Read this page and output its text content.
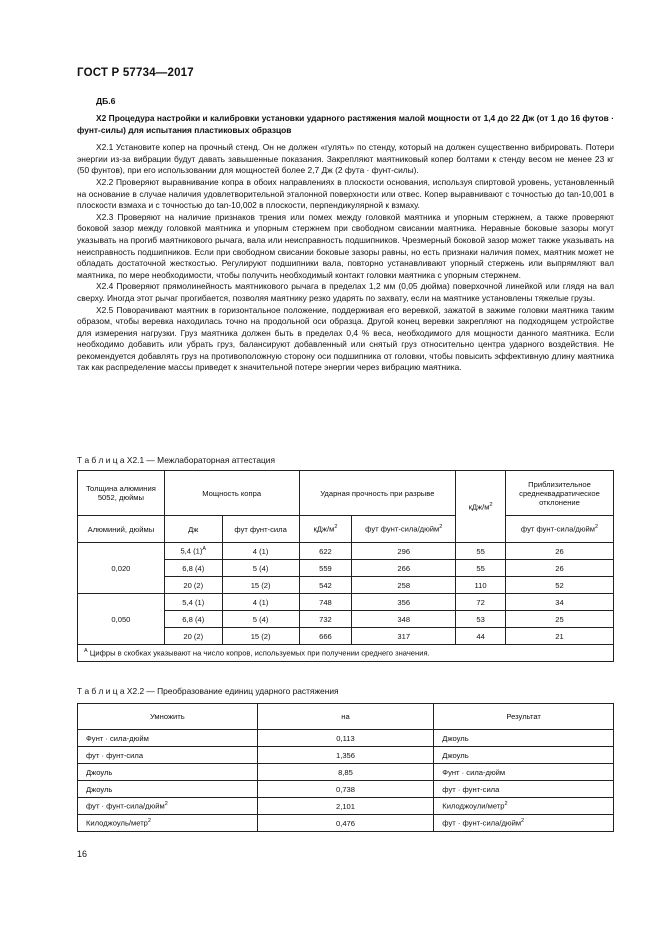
ГОСТ Р 57734—2017
ДБ.6

Х2 Процедура настройки и калибровки установки ударного растяжения малой мощности от 1,4 до 22 Дж (от 1 до 16 футов · фунт-силы) для испытания пластиковых образцов

Х2.1 Установите копер на прочный стенд. Он не должен «гулять» по стенду, который на должен существенно вибрировать. Потери энергии из-за вибрации будут давать завышенные показания. Закрепляют маятниковый копер болтами к стенду весом не менее 23 кг (50 фунтов), при его использовании для мощностей более 2,7 Дж (2 фута · фунт-силы).

Х2.2 Проверяют выравнивание копра в обоих направлениях в плоскости основания, используя спиртовой уровень, установленный на основание в случае наличия удовлетворительной эталонной поверхности или отвес. Копер выравнивают с точностью до tan-10,001 в плоскости взмаха и с точностью до tan-10,002 в плоскости, перпендикулярной к взмаху.

Х2.3 Проверяют на наличие признаков трения или помех между головкой маятника и упорным стержнем, а также проверяют боковой зазор между головкой маятника и упорным стержнем при свободном свисании маятника. Неравные боковые зазоры могут указывать на прогиб маятникового рычага, вала или неисправность подшипников. Чрезмерный боковой зазор может также указывать на неисправность подшипников. Если при свободном свисании боковые зазоры равны, но есть признаки наличия помех, маятник может не обладать достаточной жесткостью. Регулируют подшипники вала, повторно устанавливают упорный стержень или выпрямляют вал маятника, по мере необходимости, чтобы получить необходимый контакт головки маятника с упорным стержнем.

Х2.4 Проверяют прямолинейность маятникового рычага в пределах 1,2 мм (0,05 дюйма) поверхочной линейкой или глядя на вал сверху. Иногда этот рычаг прогибается, позволяя маятнику резко ударять по захвату, если на маятнике установлены тяжелые грузы.

Х2.5 Поворачивают маятник в горизонтальное положение, поддерживая его веревкой, зажатой в зажиме головки маятника таким образом, чтобы веревка находилась точно на продольной оси образца. Другой конец веревки закрепляют на подходящем устройстве для измерения нагрузки. Груз маятника должен быть в пределах 0,4 % веса, необходимого для мощности данного маятника. Если необходимо добавить или убрать груз, балансируют добавленный или снятый груз относительно центра ударного воздействия. Не рекомендуется добавлять груз на противоположную сторону оси подшипника от головки, чтобы повысить эффективную длину маятника так как распределение массы приведет к значительной потере энергии через вибрацию маятника.

Т а б л и ц а Х2.1 — Межлабораторная аттестация
Толщина алюминия 5052, дюймы	Мощность копра		Ударная прочность при разрыве		кДж/$м^2$	Приблизительное среднеквадратическое отклонение
Алюминий, дюймы	Дж	фут фунт-сила	кДж/$м^2$	фут фунт-сила/дюйм$^2$		фут фунт-сила/дюйм$^2$
0,020	5,4 $(1)^А$	4 (1)	622	296	55	26
	6,8 (4)	5 (4)	559	266	55	26
	20 (2)	15 (2)	542	258	110	52
0,050	5,4 (1)	4 (1)	748	356	72	34
	6,8 (4)	5 (4)	732	348	53	25
	20 (2)	15 (2)	666	317	44	21
$^А$ Цифры в скобках указывают на число копров, используемых при получении среднего значения.						
Т а б л и ц а Х2.2 — Преобразование единиц ударного растяжения
Умножить	на	Результат
Фунт · сила-дюйм	0,113	Джоуль
фут · фунт-сила	1,356	Джоуль
Джоуль	8,85	Фунт · сила-дюйм
Джоуль	0,738	фут · фунт-сила
фут · фунт-сила/дюйм$^2$	2,101	Килоджоули/метр$^2$
Килоджоуль/метр$^2$	0,476	фут · фунт-сила/дюйм$^2$
16
